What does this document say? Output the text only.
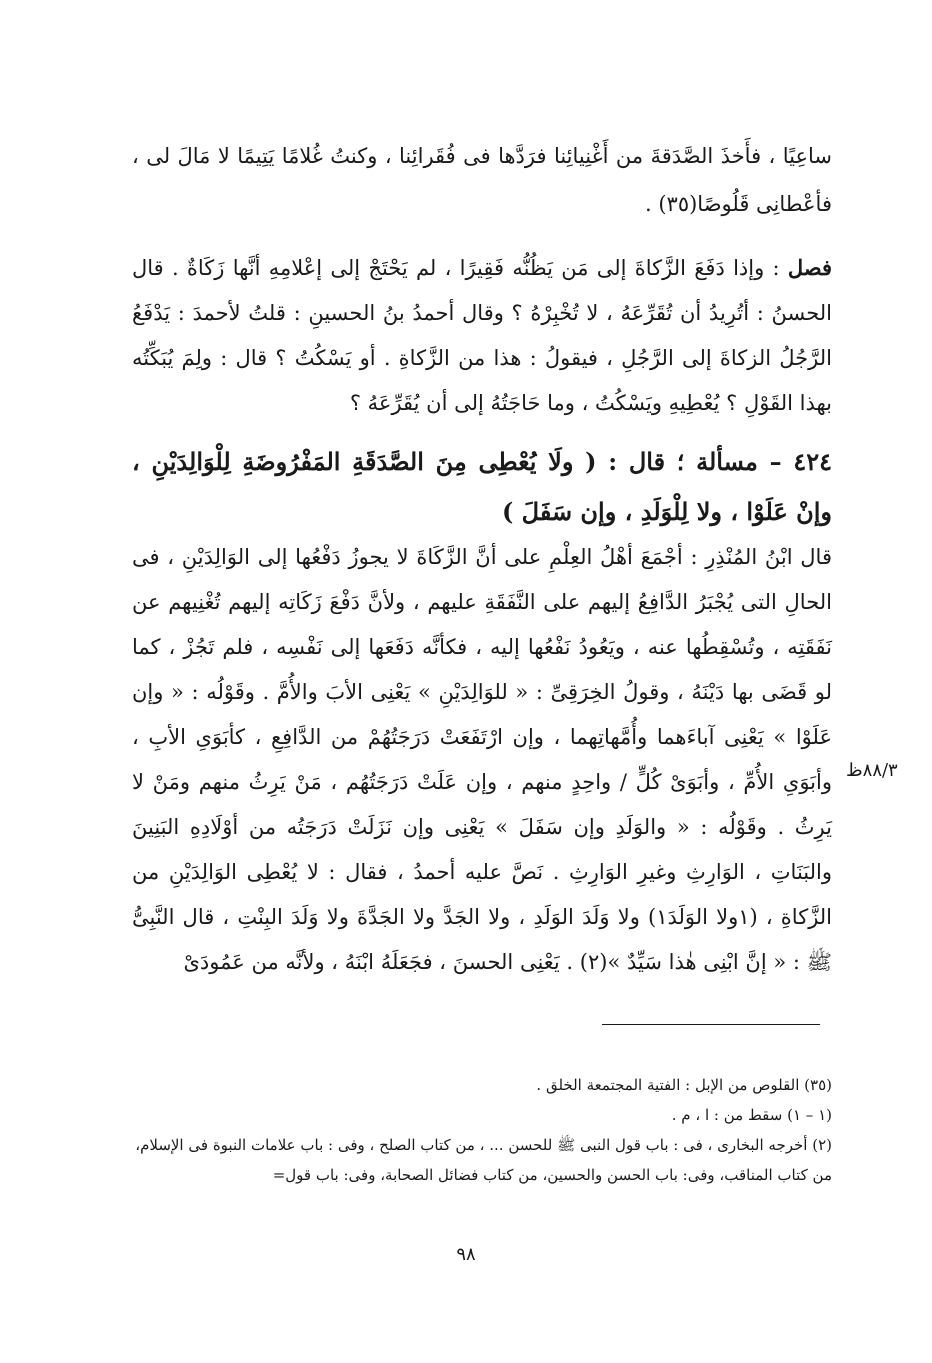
ساعِيًا ، فأَخذَ الصَّدَقةَ من أَغْنِيائِنا فرَدَّها فى فُقَرائِنا ، وكنتُ غُلامًا يَتِيمًا لا مَالَ لى ، فأعْطانِى قَلُوصًا(٣٥) .

فصل : وإذا دَفَعَ الزَّكاةَ إلى مَن يَظُنُّه فَقِيرًا ، لم يَحْتَجْ إلى إعْلامِهِ أنَّها زَكَاةٌ . قال الحسنُ : أتُرِيدُ أن تُقَرِّعَهُ ، لا تُخْبِرْهُ ؟ وقال أحمدُ بنُ الحسينِ : قلتُ لأحمدَ : يَدْفَعُ الرَّجُلُ الزكاةَ إلى الرَّجُلِ ، فيقولُ : هذا من الزَّكاةِ . أو يَسْكُتُ ؟ قال : ولِمَ يُبَكِّتُه بهذا القَوْلِ ؟ يُعْطِيهِ ويَسْكُتُ ، وما حَاجَتُهُ إلى أن يُقَرِّعَهُ ؟

٤٢٤ – مسألة ؛ قال : ( ولَا يُعْطِى مِنَ الصَّدَقَةِ المَفْرُوضَةِ لِلْوَالِدَيْنِ ، وإنْ عَلَوْا ، ولا لِلْوَلَدِ ، وإن سَفَلَ )

قال ابْنُ المُنْذِرِ : أجْمَعَ أهْلُ العِلْمِ على أنَّ الزَّكَاةَ لا يجوزُ دَفْعُها إلى الوَالِدَيْنِ ، فى الحالِ التى يُجْبَرُ الدَّافِعُ إليهم على النَّفَقَةِ عليهم ، ولأنَّ دَفْعَ زَكَاتِه إليهم تُغْنِيهم عن نَفَقَتِه ، وتُسْقِطُها عنه ، ويَعُودُ نَفْعُها إليه ، فكأنَّه دَفَعَها إلى نَفْسِه ، فلم تَجُزْ ، كما لو قَضَى بها دَيْنَهُ ، وقولُ الخِرَقِىِّ : « للوَالِدَيْنِ » يَعْنِى الأبَ والأُمَّ . وقَوْلُه : « وإن عَلَوْا » يَعْنِى آباءَهما وأُمَّهاتِهما ، وإن ارْتَفَعَتْ دَرَجَتُهُمْ من الدَّافِعِ ، كأبَوَىِ الأبِ ، وأبَوَىِ الأُمِّ ، وأبَوَىْ كُلٍّ / واحِدٍ منهم ، وإن عَلَتْ دَرَجَتُهُم ، مَنْ يَرِثُ منهم ومَنْ لا يَرِثُ . وقَوْلُه : « والوَلَدِ وإن سَفَلَ » يَعْنِى وإن نَزَلَتْ دَرَجَتُه من أوْلَادِهِ البَنِينَ والبَنَاتِ ، الوَارِثِ وغيرِ الوَارِثِ . نَصَّ عليه أحمدُ ، فقال : لا يُعْطِى الوَالِدَيْنِ من الزَّكاةِ ، (١ولا الوَلَدَ١) ولا وَلَدَ الوَلَدِ ، ولا الجَدَّ ولا الجَدَّةَ ولا وَلَدَ البِنْتِ ، قال النَّبِىُّ ﷺ : « إنَّ ابْنِى هٰذا سَيِّدٌ »(٢) . يَعْنِى الحسنَ ، فجَعَلَهُ ابْنَهُ ، ولأنَّه من عَمُودَىْ

٨٨/٣ظ

(٣٥) القلوص من الإبل : الفتية المجتمعة الخلق .

(١ – ١) سقط من : ا ، م .

(٢) أخرجه البخارى ، فى : باب قول النبى ﷺ للحسن ... ، من كتاب الصلح ، وفى : باب علامات النبوة فى الإسلام، من كتاب المناقب، وفى: باب الحسن والحسين، من كتاب فضائل الصحابة، وفى: باب قول=

٩٨
